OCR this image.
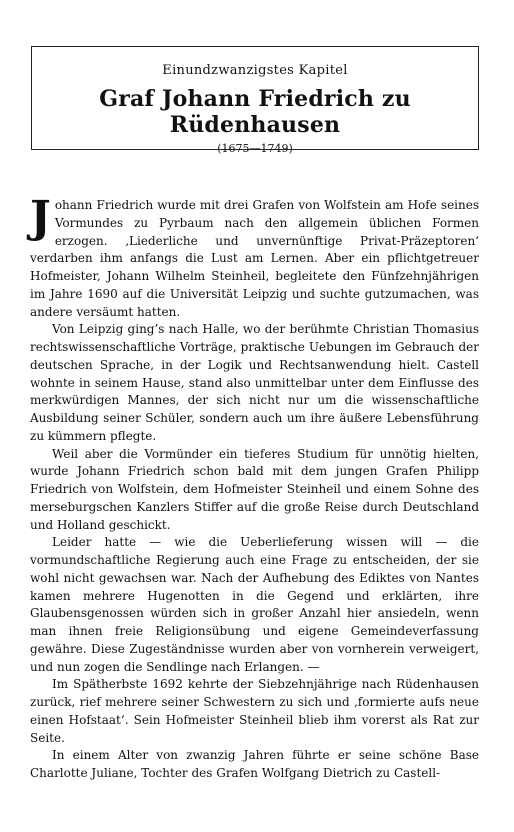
Einundzwanzigstes Kapitel
Graf Johann Friedrich zu Rüdenhausen
(1675—1749)

Johann Friedrich wurde mit drei Grafen von Wolfstein am Hofe seines Vormundes zu Pyrbaum nach den allgemein üblichen Formen erzogen. ‚Liederliche und unvernünftige Privat-Präzeptoren‘ verdarben ihm anfangs die Lust am Lernen. Aber ein pflichtgetreuer Hofmeister, Johann Wilhelm Steinheil, begleitete den Fünfzehnjährigen im Jahre 1690 auf die Universität Leipzig und suchte gutzumachen, was andere versäumt hatten.

Von Leipzig ging’s nach Halle, wo der berühmte Christian Thomasius rechtswissenschaftliche Vorträge, praktische Uebungen im Gebrauch der deutschen Sprache, in der Logik und Rechtsanwendung hielt. Castell wohnte in seinem Hause, stand also unmittelbar unter dem Einflusse des merkwürdigen Mannes, der sich nicht nur um die wissenschaftliche Ausbildung seiner Schüler, sondern auch um ihre äußere Lebensführung zu kümmern pflegte.

Weil aber die Vormünder ein tieferes Studium für unnötig hielten, wurde Johann Friedrich schon bald mit dem jungen Grafen Philipp Friedrich von Wolfstein, dem Hofmeister Steinheil und einem Sohne des merseburgschen Kanzlers Stiffer auf die große Reise durch Deutschland und Holland geschickt.

Leider hatte — wie die Ueberlieferung wissen will — die vormundschaftliche Regierung auch eine Frage zu entscheiden, der sie wohl nicht gewachsen war. Nach der Aufhebung des Ediktes von Nantes kamen mehrere Hugenotten in die Gegend und erklärten, ihre Glaubensgenossen würden sich in großer Anzahl hier ansiedeln, wenn man ihnen freie Religionsübung und eigene Gemeindeverfassung gewähre. Diese Zugeständnisse wurden aber von vornherein verweigert, und nun zogen die Sendlinge nach Erlangen. —

Im Spätherbste 1692 kehrte der Siebzehnjährige nach Rüdenhausen zurück, rief mehrere seiner Schwestern zu sich und ‚formierte aufs neue einen Hofstaat‘. Sein Hofmeister Steinheil blieb ihm vorerst als Rat zur Seite.

In einem Alter von zwanzig Jahren führte er seine schöne Base Charlotte Juliane, Tochter des Grafen Wolfgang Dietrich zu Castell-
